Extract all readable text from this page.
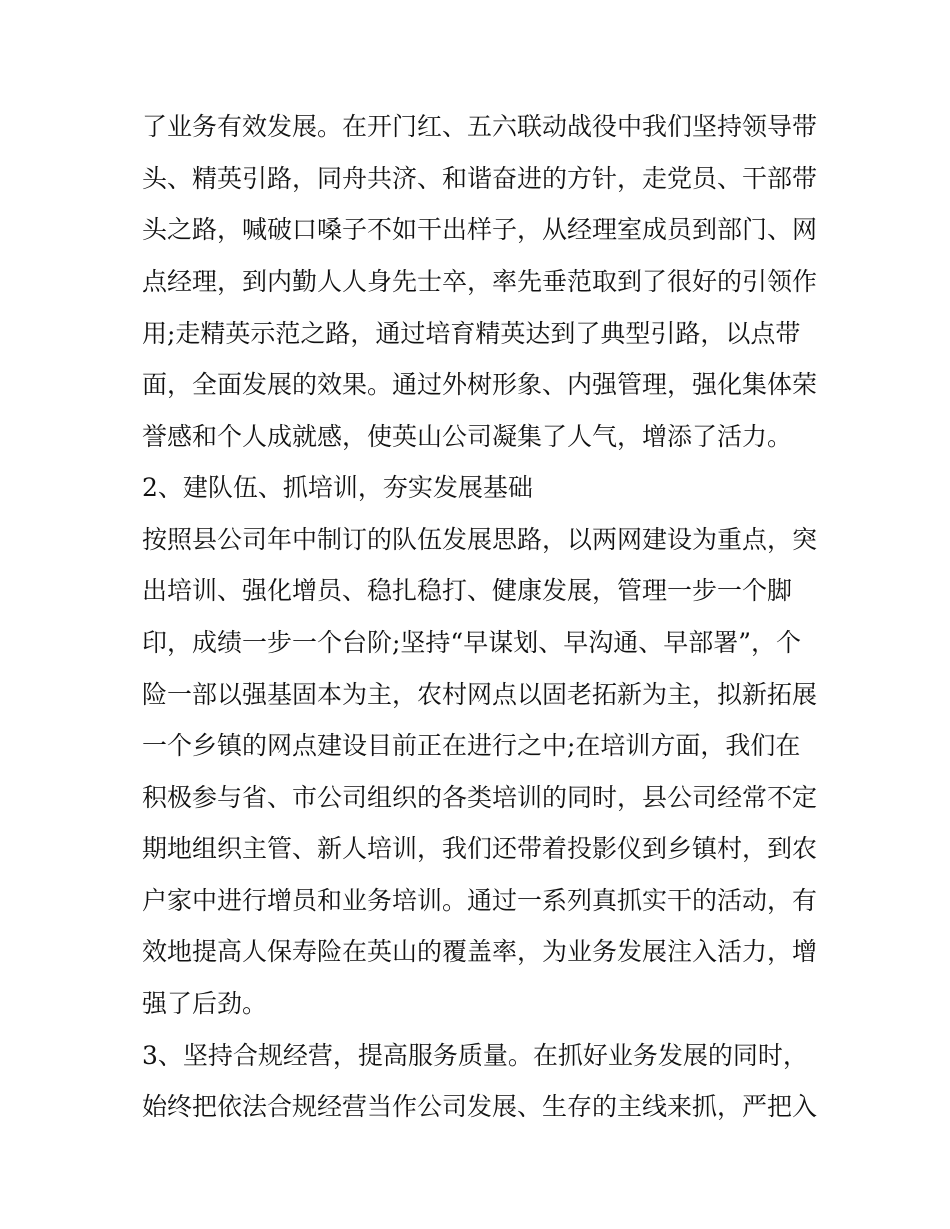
了业务有效发展。在开门红、五六联动战役中我们坚持领导带
头、精英引路，同舟共济、和谐奋进的方针，走党员、干部带
头之路，喊破口嗓子不如干出样子，从经理室成员到部门、网
点经理，到内勤人人身先士卒，率先垂范取到了很好的引领作
用;走精英示范之路，通过培育精英达到了典型引路，以点带
面，全面发展的效果。通过外树形象、内强管理，强化集体荣
誉感和个人成就感，使英山公司凝集了人气，增添了活力。
2、建队伍、抓培训，夯实发展基础
按照县公司年中制订的队伍发展思路，以两网建设为重点，突
出培训、强化增员、稳扎稳打、健康发展，管理一步一个脚
印，成绩一步一个台阶;坚持“早谋划、早沟通、早部署”，个
险一部以强基固本为主，农村网点以固老拓新为主，拟新拓展
一个乡镇的网点建设目前正在进行之中;在培训方面，我们在
积极参与省、市公司组织的各类培训的同时，县公司经常不定
期地组织主管、新人培训，我们还带着投影仪到乡镇村，到农
户家中进行增员和业务培训。通过一系列真抓实干的活动，有
效地提高人保寿险在英山的覆盖率，为业务发展注入活力，增
强了后劲。
3、坚持合规经营，提高服务质量。在抓好业务发展的同时，
始终把依法合规经营当作公司发展、生存的主线来抓，严把入
